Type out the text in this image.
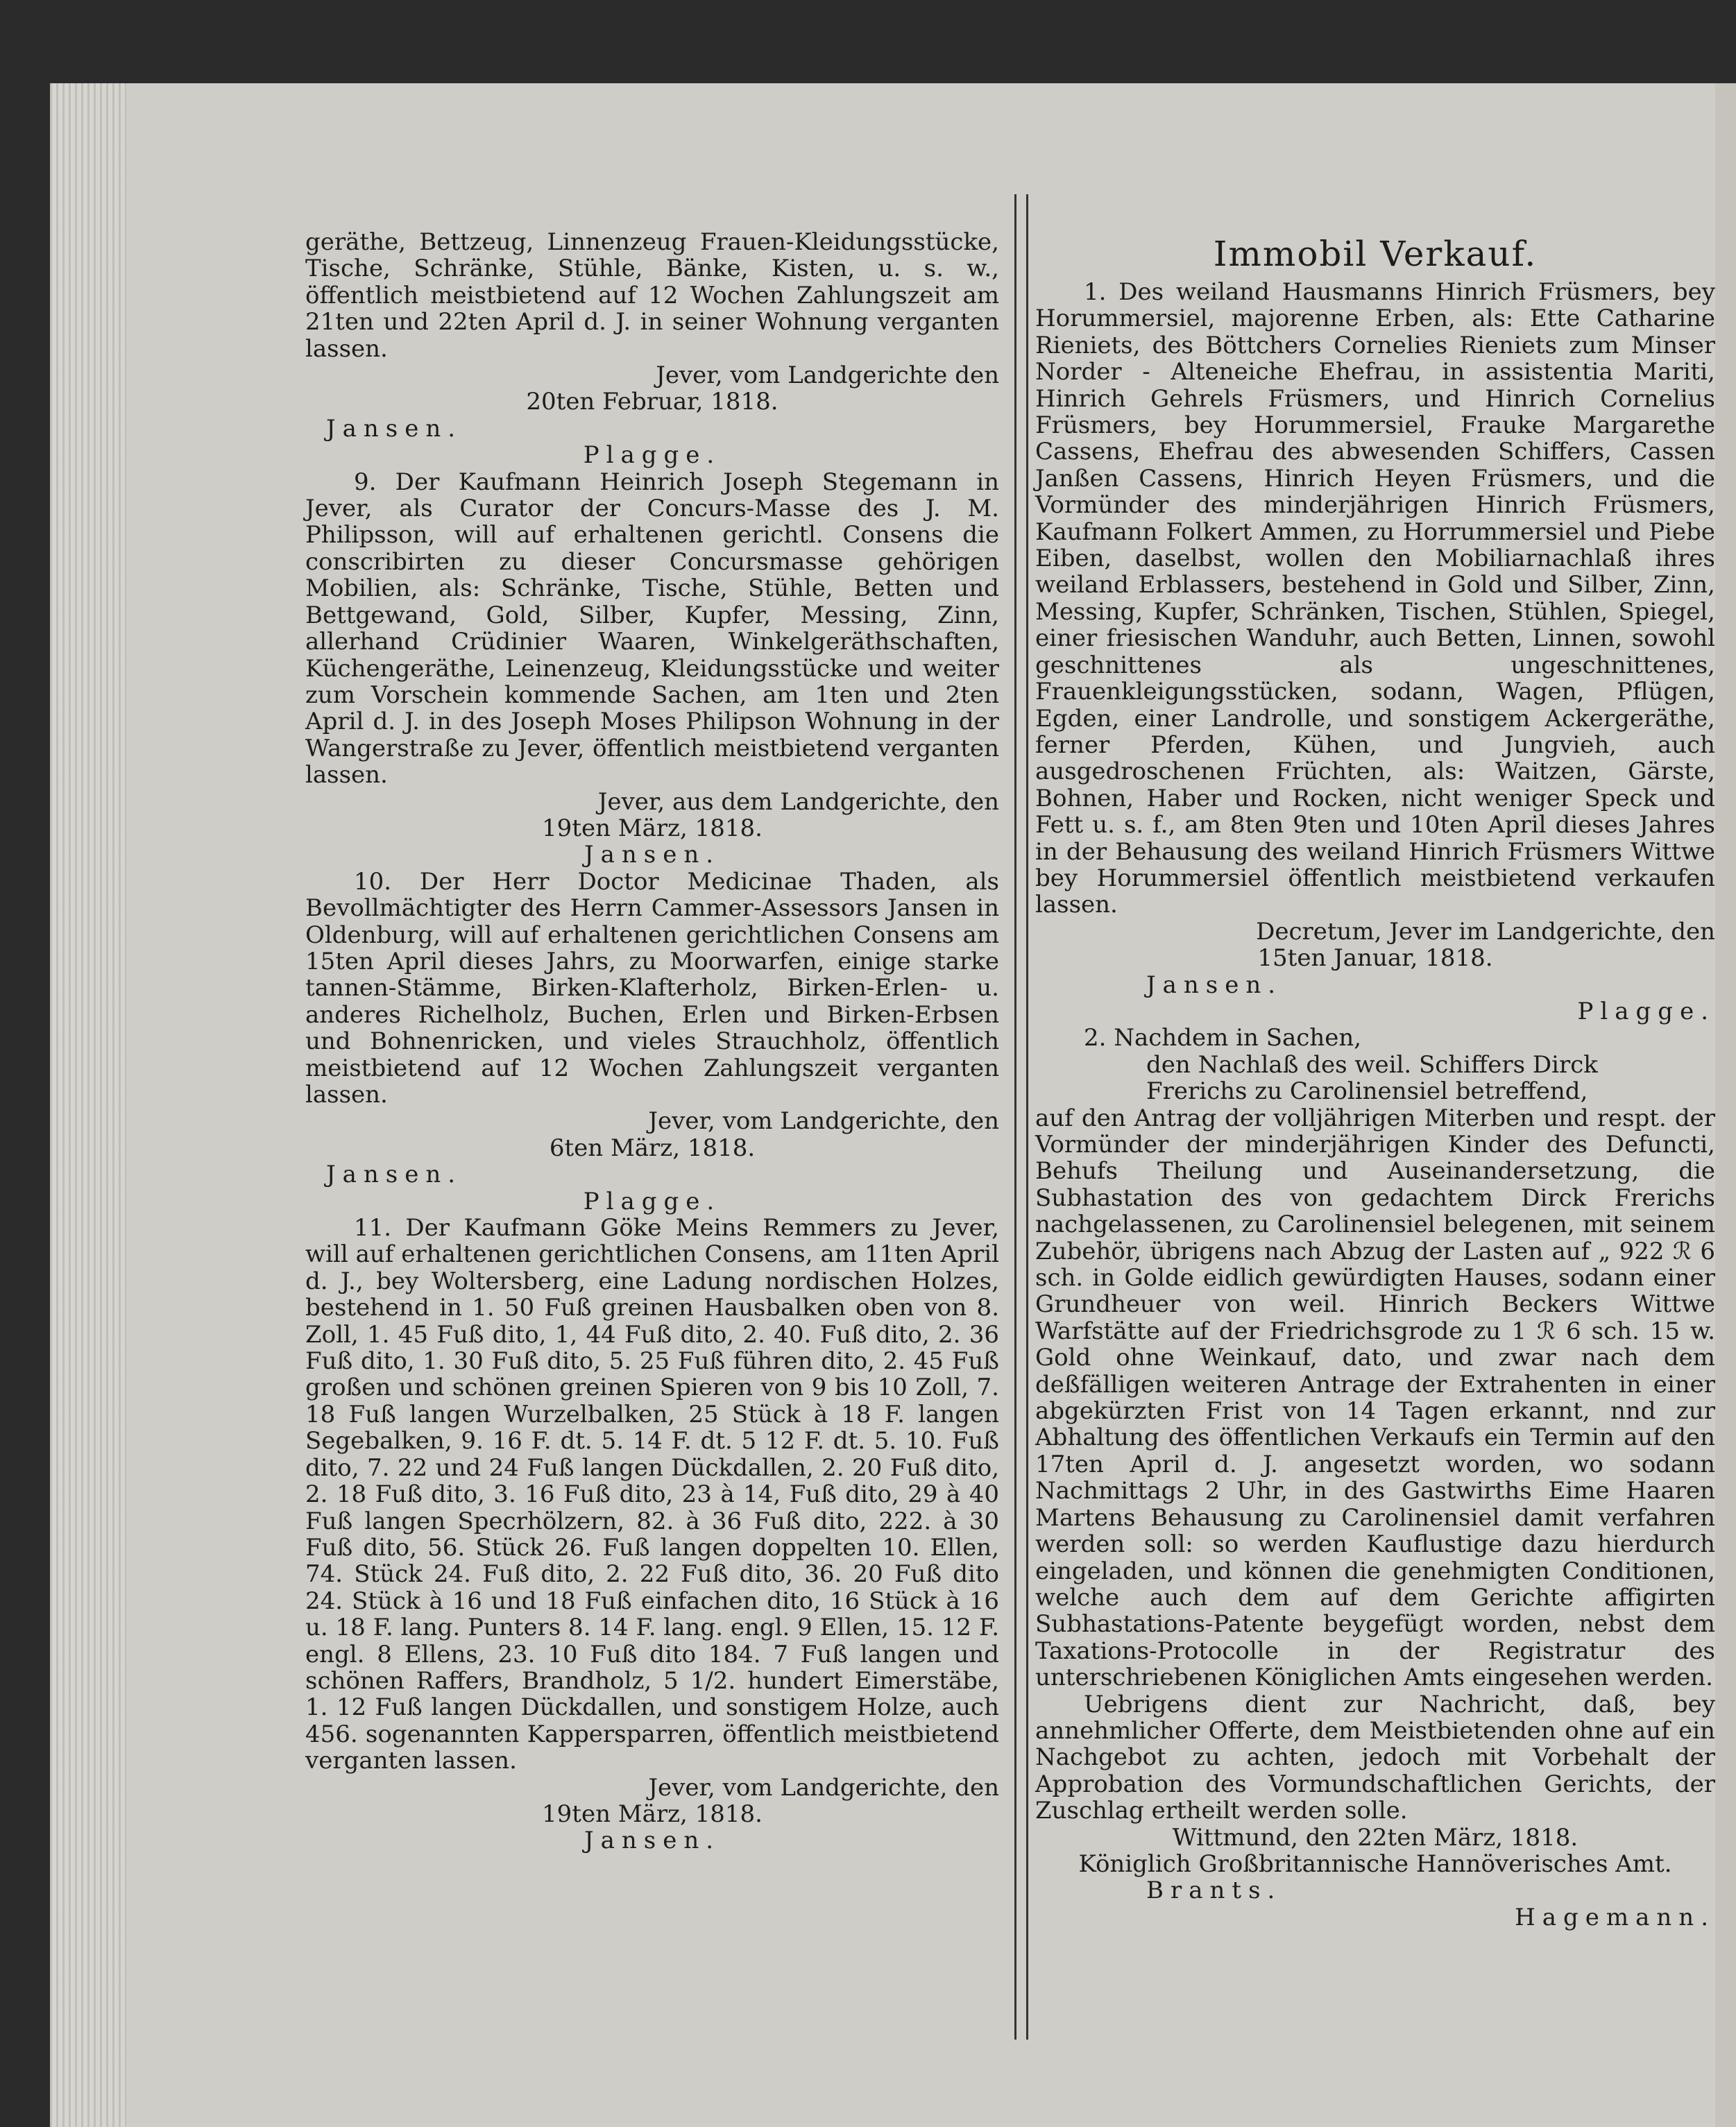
geräthe, Bettzeug, Linnenzeug Frauen-Kleidungsstücke, Tische, Schränke, Stühle, Bänke, Kisten, u. s. w., öffentlich meistbietend auf 12 Wochen Zahlungszeit am 21ten und 22ten April d. J. in seiner Wohnung verganten lassen.

Jever, vom Landgerichte den

20ten Februar, 1818.

Jansen.

Plagge.

9. Der Kaufmann Heinrich Joseph Stegemann in Jever, als Curator der Concurs-Masse des J. M. Philipsson, will auf erhaltenen gerichtl. Consens die conscribirten zu dieser Concursmasse gehörigen Mobilien, als: Schränke, Tische, Stühle, Betten und Bettgewand, Gold, Silber, Kupfer, Messing, Zinn, allerhand Crüdinier Waaren, Winkelgeräthschaften, Küchengeräthe, Leinenzeug, Kleidungsstücke und weiter zum Vorschein kommende Sachen, am 1ten und 2ten April d. J. in des Joseph Moses Philipson Wohnung in der Wangerstraße zu Jever, öffentlich meistbietend verganten lassen.

Jever, aus dem Landgerichte, den

19ten März, 1818.

Jansen.

10. Der Herr Doctor Medicinae Thaden, als Bevollmächtigter des Herrn Cammer-Assessors Jansen in Oldenburg, will auf erhaltenen gerichtlichen Consens am 15ten April dieses Jahrs, zu Moorwarfen, einige starke tannen-Stämme, Birken-Klafterholz, Birken-Erlen- u. anderes Richelholz, Buchen, Erlen und Birken-Erbsen und Bohnenricken, und vieles Strauchholz, öffentlich meistbietend auf 12 Wochen Zahlungszeit verganten lassen.

Jever, vom Landgerichte, den

6ten März, 1818.

Jansen.

Plagge.

11. Der Kaufmann Göke Meins Remmers zu Jever, will auf erhaltenen gerichtlichen Consens, am 11ten April d. J., bey Woltersberg, eine Ladung nordischen Holzes, bestehend in 1. 50 Fuß greinen Hausbalken oben von 8. Zoll, 1. 45 Fuß dito, 1, 44 Fuß dito, 2. 40. Fuß dito, 2. 36 Fuß dito, 1. 30 Fuß dito, 5. 25 Fuß führen dito, 2. 45 Fuß großen und schönen greinen Spieren von 9 bis 10 Zoll, 7. 18 Fuß langen Wurzelbalken, 25 Stück à 18 F. langen Segebalken, 9. 16 F. dt. 5. 14 F. dt. 5 12 F. dt. 5. 10. Fuß dito, 7. 22 und 24 Fuß langen Dückdallen, 2. 20 Fuß dito, 2. 18 Fuß dito, 3. 16 Fuß dito, 23 à 14, Fuß dito, 29 à 40 Fuß langen Specrhölzern, 82. à 36 Fuß dito, 222. à 30 Fuß dito, 56. Stück 26. Fuß langen doppelten 10. Ellen, 74. Stück 24. Fuß dito, 2. 22 Fuß dito, 36. 20 Fuß dito 24. Stück à 16 und 18 Fuß einfachen dito, 16 Stück à 16 u. 18 F. lang. Punters 8. 14 F. lang. engl. 9 Ellen, 15. 12 F. engl. 8 Ellens, 23. 10 Fuß dito 184. 7 Fuß langen und schönen Raffers, Brandholz, 5 1/2. hundert Eimerstäbe, 1. 12 Fuß langen Dückdallen, und sonstigem Holze, auch 456. sogenannten Kappersparren, öffentlich meistbietend verganten lassen.

Jever, vom Landgerichte, den

19ten März, 1818.

Jansen.

Immobil Verkauf.

1. Des weiland Hausmanns Hinrich Früsmers, bey Horummersiel, majorenne Erben, als: Ette Catharine Rieniets, des Böttchers Cornelies Rieniets zum Minser Norder - Alteneiche Ehefrau, in assistentia Mariti, Hinrich Gehrels Früsmers, und Hinrich Cornelius Früsmers, bey Horummersiel, Frauke Margarethe Cassens, Ehefrau des abwesenden Schiffers, Cassen Janßen Cassens, Hinrich Heyen Früsmers, und die Vormünder des minderjährigen Hinrich Früsmers, Kaufmann Folkert Ammen, zu Horrummersiel und Piebe Eiben, daselbst, wollen den Mobiliarnachlaß ihres weiland Erblassers, bestehend in Gold und Silber, Zinn, Messing, Kupfer, Schränken, Tischen, Stühlen, Spiegel, einer friesischen Wanduhr, auch Betten, Linnen, sowohl geschnittenes als ungeschnittenes, Frauenkleigungsstücken, sodann, Wagen, Pflügen, Egden, einer Landrolle, und sonstigem Ackergeräthe, ferner Pferden, Kühen, und Jungvieh, auch ausgedroschenen Früchten, als: Waitzen, Gärste, Bohnen, Haber und Rocken, nicht weniger Speck und Fett u. s. f., am 8ten 9ten und 10ten April dieses Jahres in der Behausung des weiland Hinrich Früsmers Wittwe bey Horummersiel öffentlich meistbietend verkaufen lassen.

Decretum, Jever im Landgerichte, den

15ten Januar, 1818.

Jansen.

Plagge.

2. Nachdem in Sachen,

den Nachlaß des weil. Schiffers Dirck

Frerichs zu Carolinensiel betreffend,

auf den Antrag der volljährigen Miterben und respt. der Vormünder der minderjährigen Kinder des Defuncti, Behufs Theilung und Auseinandersetzung, die Subhastation des von gedachtem Dirck Frerichs nachgelassenen, zu Carolinensiel belegenen, mit seinem Zubehör, übrigens nach Abzug der Lasten auf „ 922 ℛ 6 sch. in Golde eidlich gewürdigten Hauses, sodann einer Grundheuer von weil. Hinrich Beckers Wittwe Warfstätte auf der Friedrichsgrode zu 1 ℛ 6 sch. 15 w. Gold ohne Weinkauf, dato, und zwar nach dem deßfälligen weiteren Antrage der Extrahenten in einer abgekürzten Frist von 14 Tagen erkannt, nnd zur Abhaltung des öffentlichen Verkaufs ein Termin auf den 17ten April d. J. angesetzt worden, wo sodann Nachmittags 2 Uhr, in des Gastwirths Eime Haaren Martens Behausung zu Carolinensiel damit verfahren werden soll: so werden Kauflustige dazu hierdurch eingeladen, und können die genehmigten Conditionen, welche auch dem auf dem Gerichte affigirten Subhastations-Patente beygefügt worden, nebst dem Taxations-Protocolle in der Registratur des unterschriebenen Königlichen Amts eingesehen werden.

Uebrigens dient zur Nachricht, daß, bey annehmlicher Offerte, dem Meistbietenden ohne auf ein Nachgebot zu achten, jedoch mit Vorbehalt der Approbation des Vormundschaftlichen Gerichts, der Zuschlag ertheilt werden solle.

Wittmund, den 22ten März, 1818.

Königlich Großbritannische Hannöverisches Amt.

Brants.

Hagemann.
